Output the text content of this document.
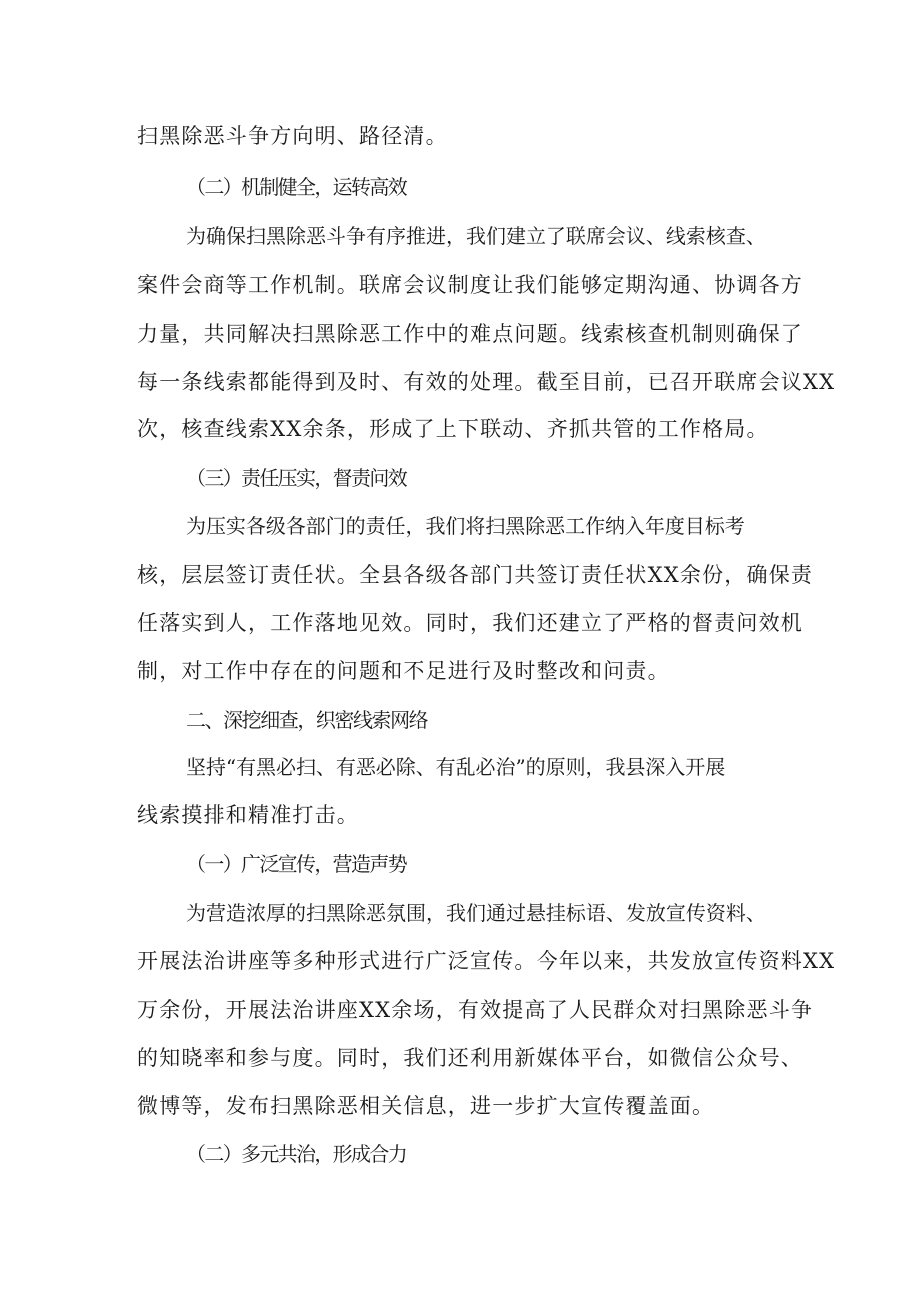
扫黑除恶斗争方向明、路径清。
（二）机制健全，运转高效
为确保扫黑除恶斗争有序推进，我们建立了联席会议、线索核查、
案件会商等工作机制。联席会议制度让我们能够定期沟通、协调各方
力量，共同解决扫黑除恶工作中的难点问题。线索核查机制则确保了
每一条线索都能得到及时、有效的处理。截至目前，已召开联席会议XX
次，核查线索XX余条，形成了上下联动、齐抓共管的工作格局。
（三）责任压实，督责问效
为压实各级各部门的责任，我们将扫黑除恶工作纳入年度目标考
核，层层签订责任状。全县各级各部门共签订责任状XX余份，确保责
任落实到人，工作落地见效。同时，我们还建立了严格的督责问效机
制，对工作中存在的问题和不足进行及时整改和问责。
二、深挖细查，织密线索网络
坚持“有黑必扫、有恶必除、有乱必治”的原则，我县深入开展
线索摸排和精准打击。
（一）广泛宣传，营造声势
为营造浓厚的扫黑除恶氛围，我们通过悬挂标语、发放宣传资料、
开展法治讲座等多种形式进行广泛宣传。今年以来，共发放宣传资料XX
万余份，开展法治讲座XX余场，有效提高了人民群众对扫黑除恶斗争
的知晓率和参与度。同时，我们还利用新媒体平台，如微信公众号、
微博等，发布扫黑除恶相关信息，进一步扩大宣传覆盖面。
（二）多元共治，形成合力
